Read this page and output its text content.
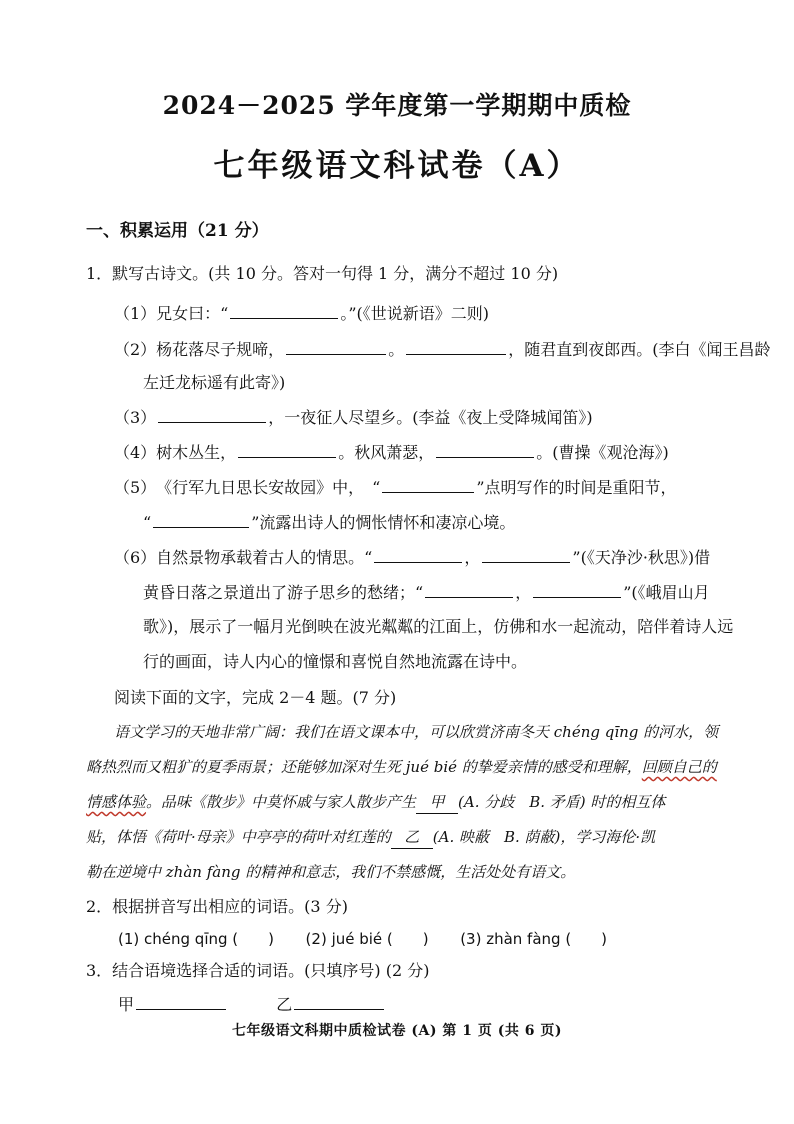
2024－2025 学年度第一学期期中质检
七年级语文科试卷（A）
一、积累运用（21 分）
1．默写古诗文。(共 10 分。答对一句得 1 分，满分不超过 10 分)
（1）兄女曰：“	。”(《世说新语》二则)
（2）杨花落尽子规啼，	。	，随君直到夜郎西。(李白《闻王昌龄
左迁龙标遥有此寄》)
（3）	，一夜征人尽望乡。(李益《夜上受降城闻笛》)
（4）树木丛生，	。秋风萧瑟，	。(曹操《观沧海》)
（5）　《行军九日思长安故园》中，　“	”点明写作的时间是重阳节，
“	”流露出诗人的惆怅情怀和凄凉心境。
（6）自然景物承载着古人的情思。“	，	”(《天净沙·秋思》)借
黄昏日落之景道出了游子思乡的愁绪；“	，	”(《峨眉山月
歌》)，展示了一幅月光倒映在波光粼粼的江面上，仿佛和水一起流动，陪伴着诗人远
行的画面，诗人内心的憧憬和喜悦自然地流露在诗中。
阅读下面的文字，完成 2－4 题。(7 分)
语文学习的天地非常广阔：我们在语文课本中，可以欣赏济南冬天 chéng qīng 的河水，领
略热烈而又粗犷的夏季雨景；还能够加深对生死 jué bié 的挚爱亲情的感受和理解，回顾自己的
情感体验。品味《散步》中莫怀戚与家人散步产生 甲 (A. 分歧　B. 矛盾) 时的相互体
贴，体悟《荷叶·母亲》中亭亭的荷叶对红莲的 乙 (A. 映蔽　B. 荫蔽)，学习海伦·凯
勒在逆境中 zhàn fàng 的精神和意志，我们不禁感慨，生活处处有语文。
2．根据拼音写出相应的词语。(3 分)
(1) chéng qīng (　　) (2) jué bié (　　) (3) zhàn fàng (　　)
3．结合语境选择合适的词语。(只填序号) (2 分)
甲	乙
七年级语文科期中质检试卷 (A) 第 1 页 (共 6 页)
